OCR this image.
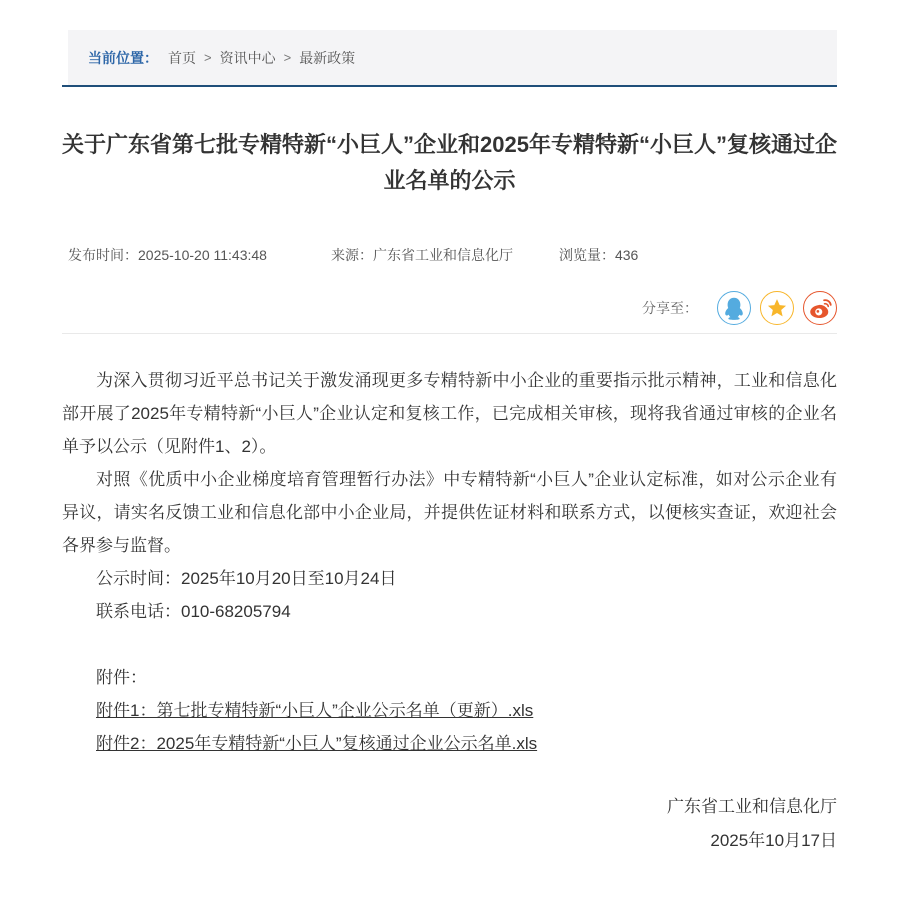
当前位置： 首页 > 资讯中心 > 最新政策
关于广东省第七批专精特新“小巨人”企业和2025年专精特新“小巨人”复核通过企业名单的公示
发布时间：2025-10-20 11:43:48	来源：广东省工业和信息化厅	浏览量：436
分享至：

为深入贯彻习近平总书记关于激发涌现更多专精特新中小企业的重要指示批示精神，工业和信息化部开展了2025年专精特新“小巨人”企业认定和复核工作，已完成相关审核，现将我省通过审核的企业名单予以公示（见附件1、2）。

对照《优质中小企业梯度培育管理暂行办法》中专精特新“小巨人”企业认定标准，如对公示企业有异议，请实名反馈工业和信息化部中小企业局，并提供佐证材料和联系方式，以便核实查证，欢迎社会各界参与监督。

公示时间：2025年10月20日至10月24日
联系电话：010-68205794
附件：
附件1：第七批专精特新“小巨人”企业公示名单（更新）.xls
附件2：2025年专精特新“小巨人”复核通过企业公示名单.xls
广东省工业和信息化厅
2025年10月17日
